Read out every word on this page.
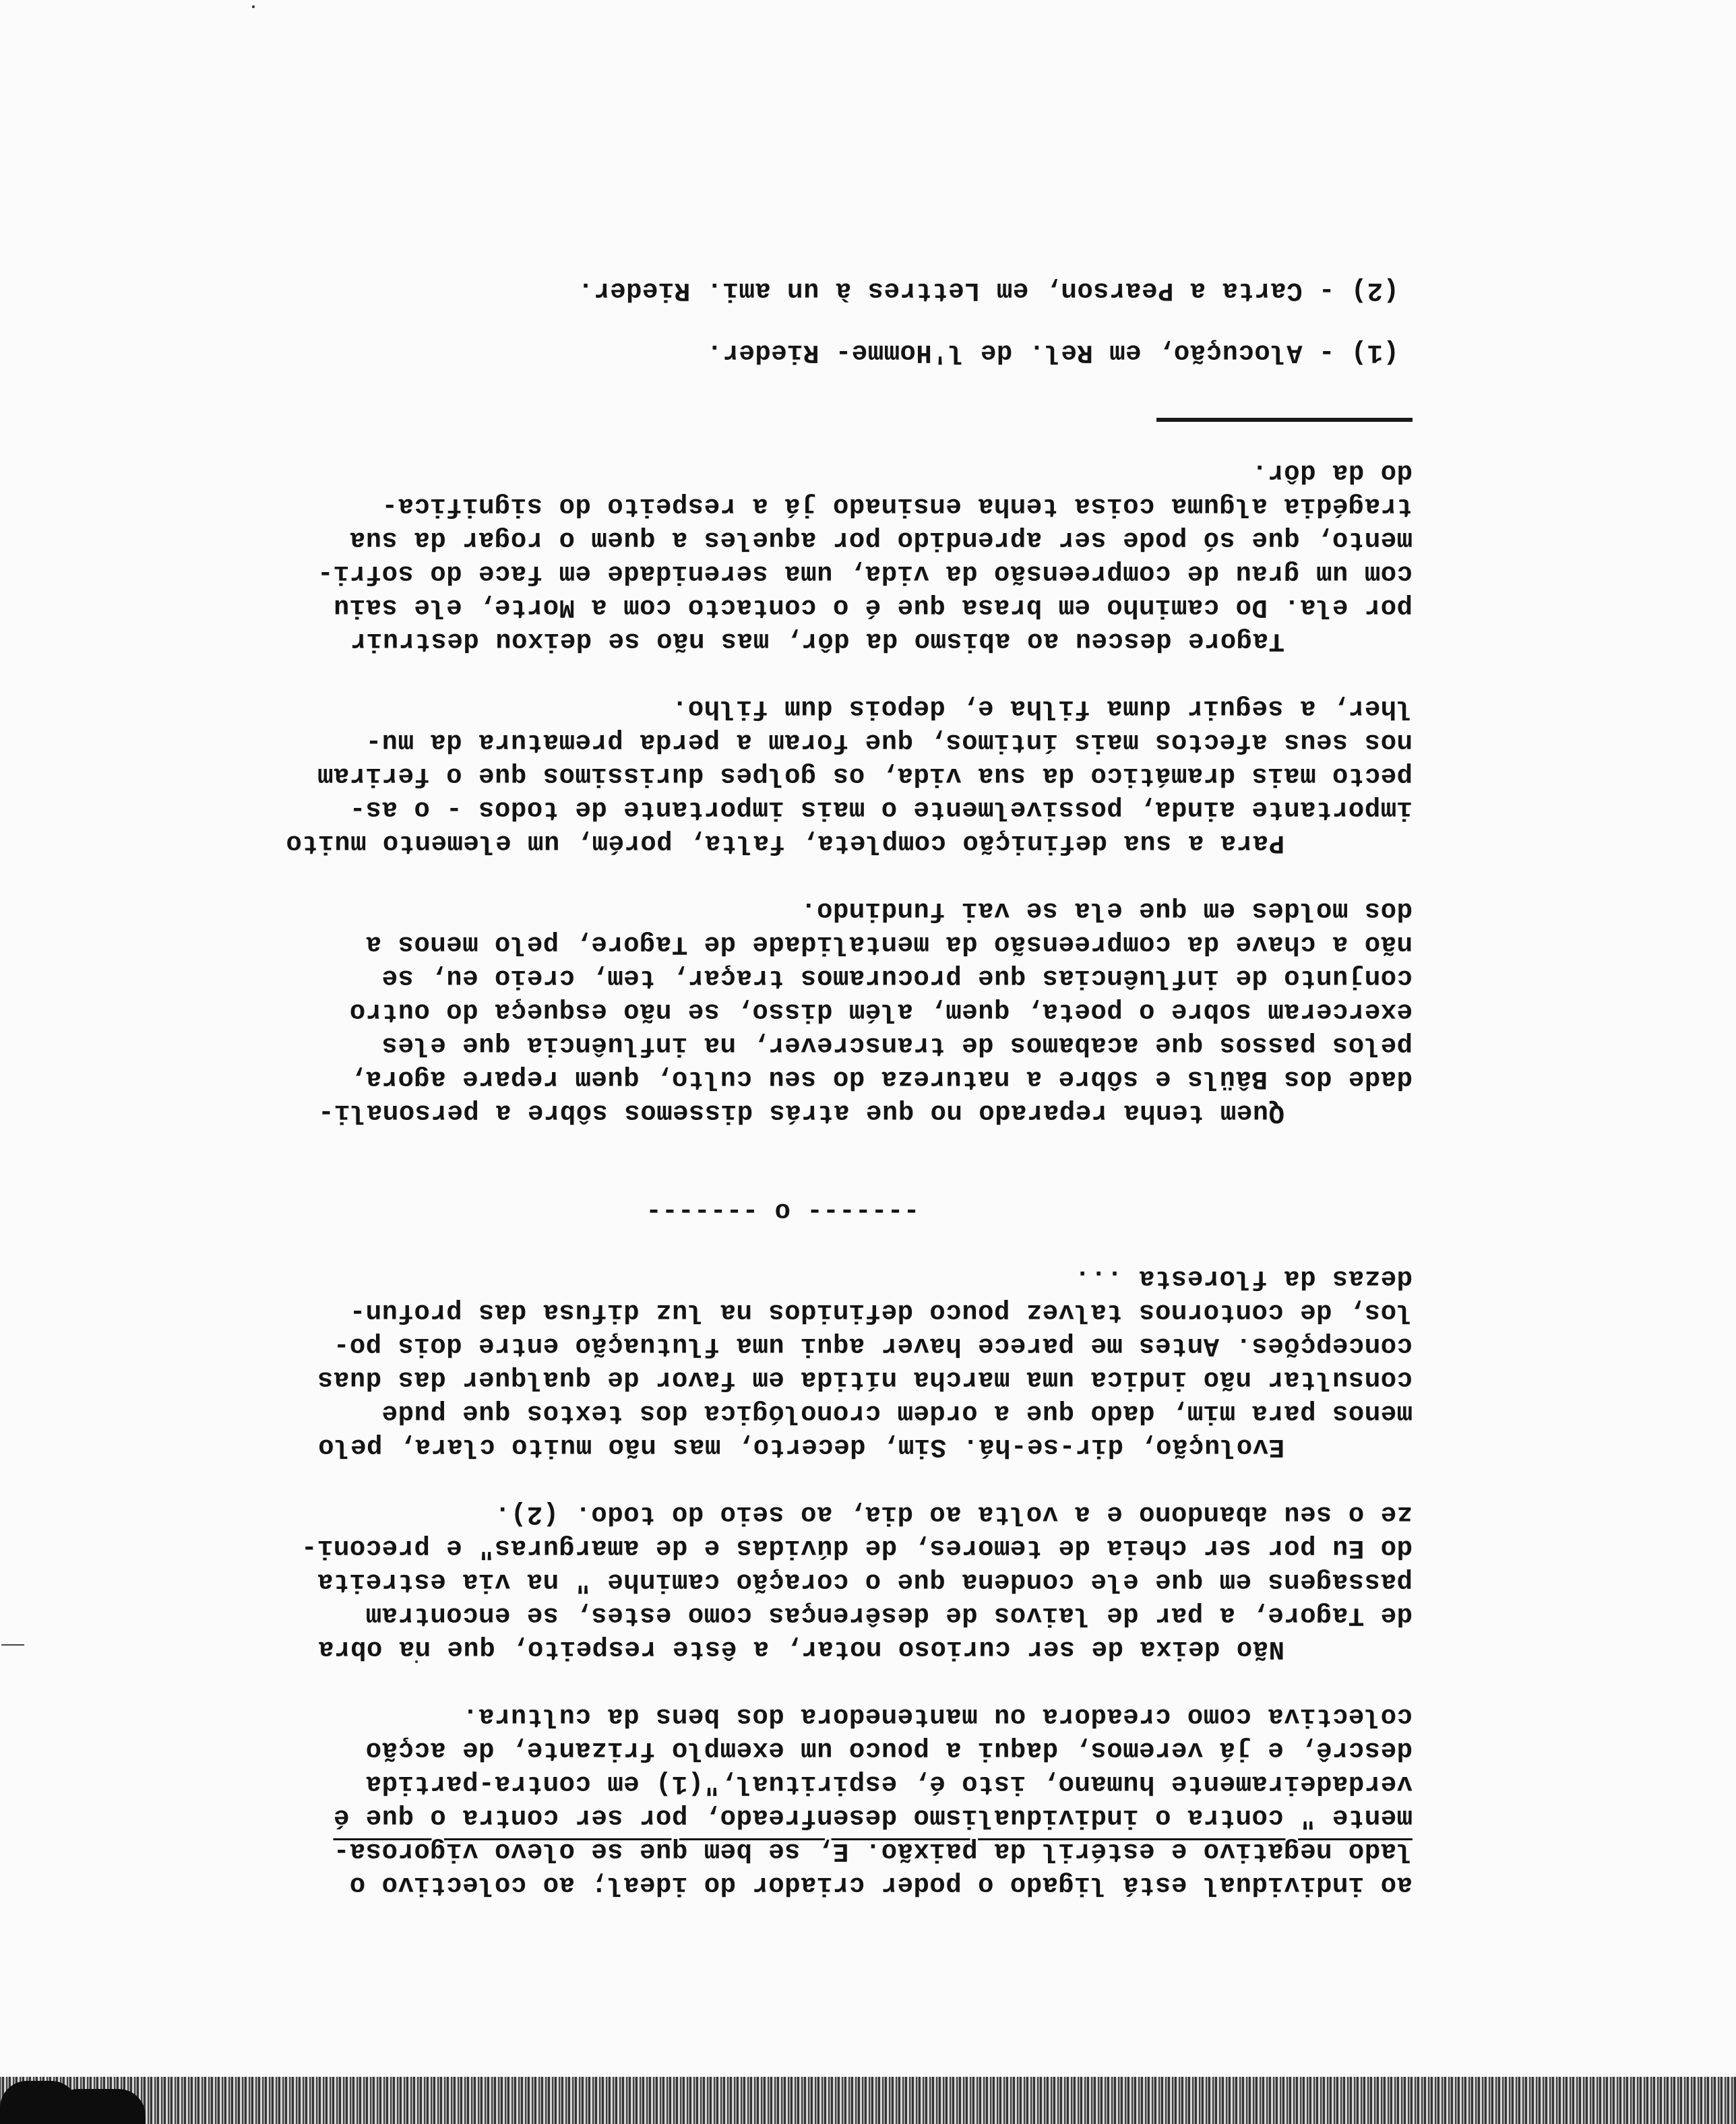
ao individual está ligado o poder criador do ideal; ao colectivo o
lado negativo e estéril da paixão. E, se bem que se olevo vigorosa-
mente " contra o individualismo desenfreado, por ser contra o que é
verdadeiramente humano, isto é, espiritual,"(1) em contra-partida
descrê, e já veremos, daqui a pouco um exemplo frizante, de acção
colectiva como creadora ou mantenedora dos bens da cultura.

Não deixa de ser curioso notar, a êste respeito, que na obra
de Tagore, a par de laivos de desêrenças como estes, se encontram
passagens em que ele condena que o coração caminhe " na via estreita
do Eu por ser cheia de temores, de dúvidas e de amarguras" e preconi-
ze o seu abandono e a volta ao dia, ao seio do todo. (2).

Evolução, dir-se-há. Sim, decerto, mas não muito clara, pelo
menos para mim, dado que a ordem cronológica dos textos que pude
consultar não indica uma marcha nítida em favor de qualquer das duas
concepções. Antes me parece haver aqui uma flutuação entre dois po-
los, de contornos talvez pouco definidos na luz difusa das profun-
dezas da floresta ...

------- o -------

Quem tenha reparado no que atrás dissemos sôbre a personali-
dade dos Bâüls e sôbre a natureza do seu culto, quem repare agora,
pelos passos que acabamos de transcrever, na influência que eles
exerceram sobre o poeta, quem, além disso, se não esqueça do outro
conjunto de influências que procuramos traçar, tem, creio eu, se
não a chave da compreensão da mentalidade de Tagore, pelo menos a
dos moldes em que ela se vai fundindo.

Para a sua definição completa, falta, porém, um elemento muito
importante ainda, possivelmente o mais importante de todos - o as-
pecto mais dramático da sua vida, os golpes durissimos que o feriram
nos seus afectos mais íntimos, que foram a perda prematura da mu-
lher, a seguir duma filha e, depois dum filho.

Tagore desceu ao abismo da dôr, mas não se deixou destruir
por ela. Do caminho em brasa que é o contacto com a Morte, ele saiu
com um grau de compreensão da vida, uma serenidade em face do sofri-
mento, que só pode ser aprendido por aqueles a quem o rogar da sua
tragédia alguma coisa tenha ensinado já a respeito do significa-
do da dôr.

(1) - Alocução, em Rel. de l'Homme- Rieder.
(2) - Carta a Pearson, em Lettres à un ami. Rieder.
